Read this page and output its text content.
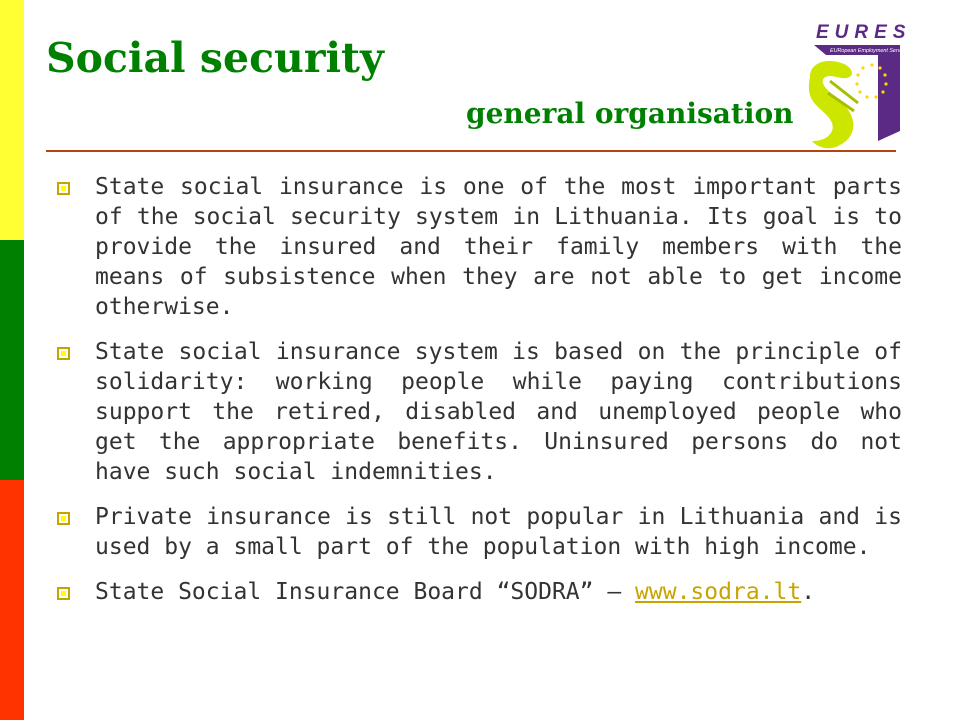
Social security
general organisation
EURES
EURopean Employment Services
State social insurance is one of the most important parts of the social security system in Lithuania. Its goal is to provide the insured and their family members with the means of subsistence when they are not able to get income otherwise.
State social insurance system is based on the principle of solidarity: working people while paying contributions support the retired, disabled and unemployed people who get the appropriate benefits. Uninsured persons do not have such social indemnities.
Private insurance is still not popular in Lithuania and is used by a small part of the population with high income.
State Social Insurance Board “SODRA” – www.sodra.lt.
